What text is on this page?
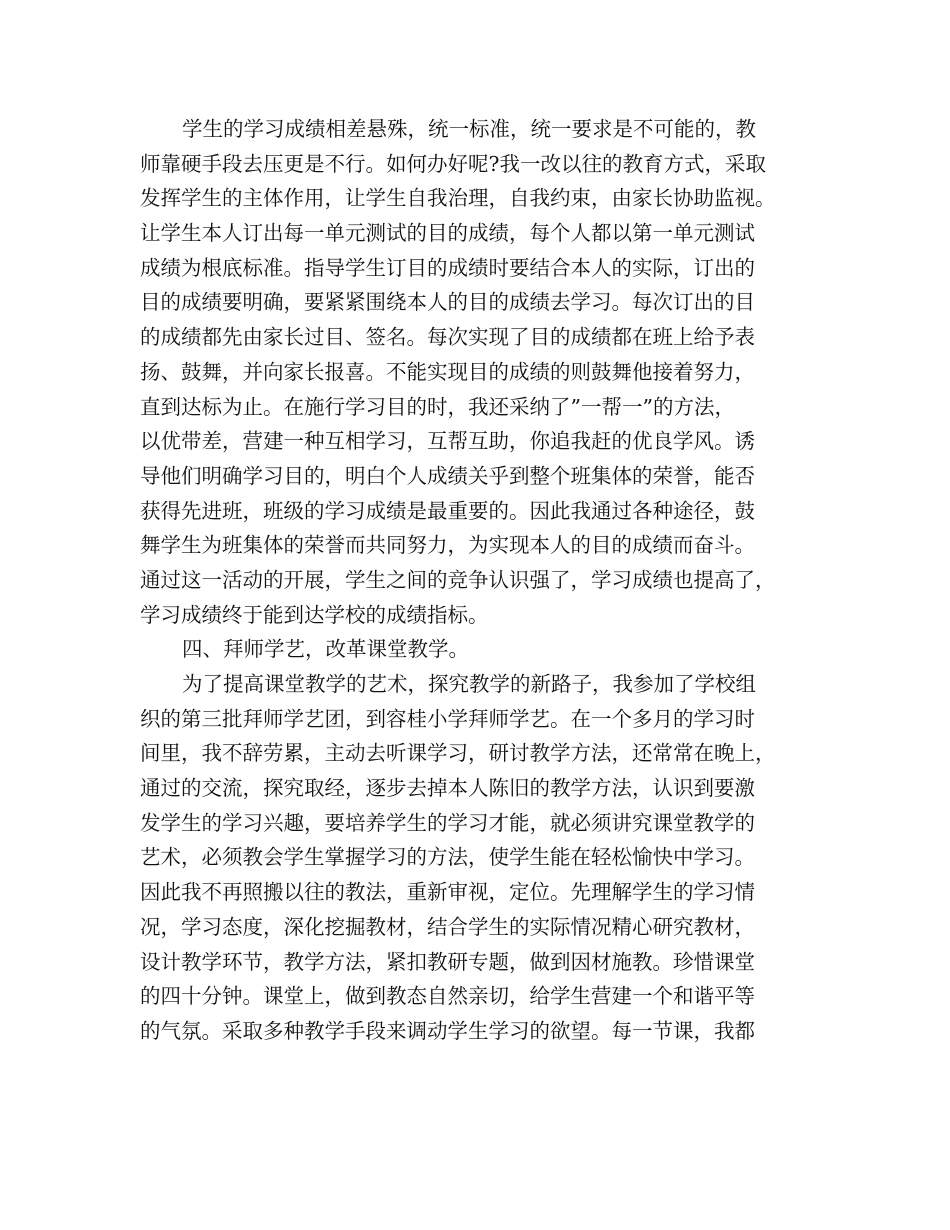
学生的学习成绩相差悬殊，统一标准，统一要求是不可能的，教
师靠硬手段去压更是不行。如何办好呢?我一改以往的教育方式，采取
发挥学生的主体作用，让学生自我治理，自我约束，由家长协助监视。
让学生本人订出每一单元测试的目的成绩，每个人都以第一单元测试
成绩为根底标准。指导学生订目的成绩时要结合本人的实际，订出的
目的成绩要明确，要紧紧围绕本人的目的成绩去学习。每次订出的目
的成绩都先由家长过目、签名。每次实现了目的成绩都在班上给予表
扬、鼓舞，并向家长报喜。不能实现目的成绩的则鼓舞他接着努力，
直到达标为止。在施行学习目的时，我还采纳了”一帮一”的方法，
以优带差，营建一种互相学习，互帮互助，你追我赶的优良学风。诱
导他们明确学习目的，明白个人成绩关乎到整个班集体的荣誉，能否
获得先进班，班级的学习成绩是最重要的。因此我通过各种途径，鼓
舞学生为班集体的荣誉而共同努力，为实现本人的目的成绩而奋斗。
通过这一活动的开展，学生之间的竞争认识强了，学习成绩也提高了，
学习成绩终于能到达学校的成绩指标。
四、拜师学艺，改革课堂教学。
为了提高课堂教学的艺术，探究教学的新路子，我参加了学校组
织的第三批拜师学艺团，到容桂小学拜师学艺。在一个多月的学习时
间里，我不辞劳累，主动去听课学习，研讨教学方法，还常常在晚上，
通过的交流，探究取经，逐步去掉本人陈旧的教学方法，认识到要激
发学生的学习兴趣，要培养学生的学习才能，就必须讲究课堂教学的
艺术，必须教会学生掌握学习的方法，使学生能在轻松愉快中学习。
因此我不再照搬以往的教法，重新审视，定位。先理解学生的学习情
况，学习态度，深化挖掘教材，结合学生的实际情况精心研究教材，
设计教学环节，教学方法，紧扣教研专题，做到因材施教。珍惜课堂
的四十分钟。课堂上，做到教态自然亲切，给学生营建一个和谐平等
的气氛。采取多种教学手段来调动学生学习的欲望。每一节课，我都
